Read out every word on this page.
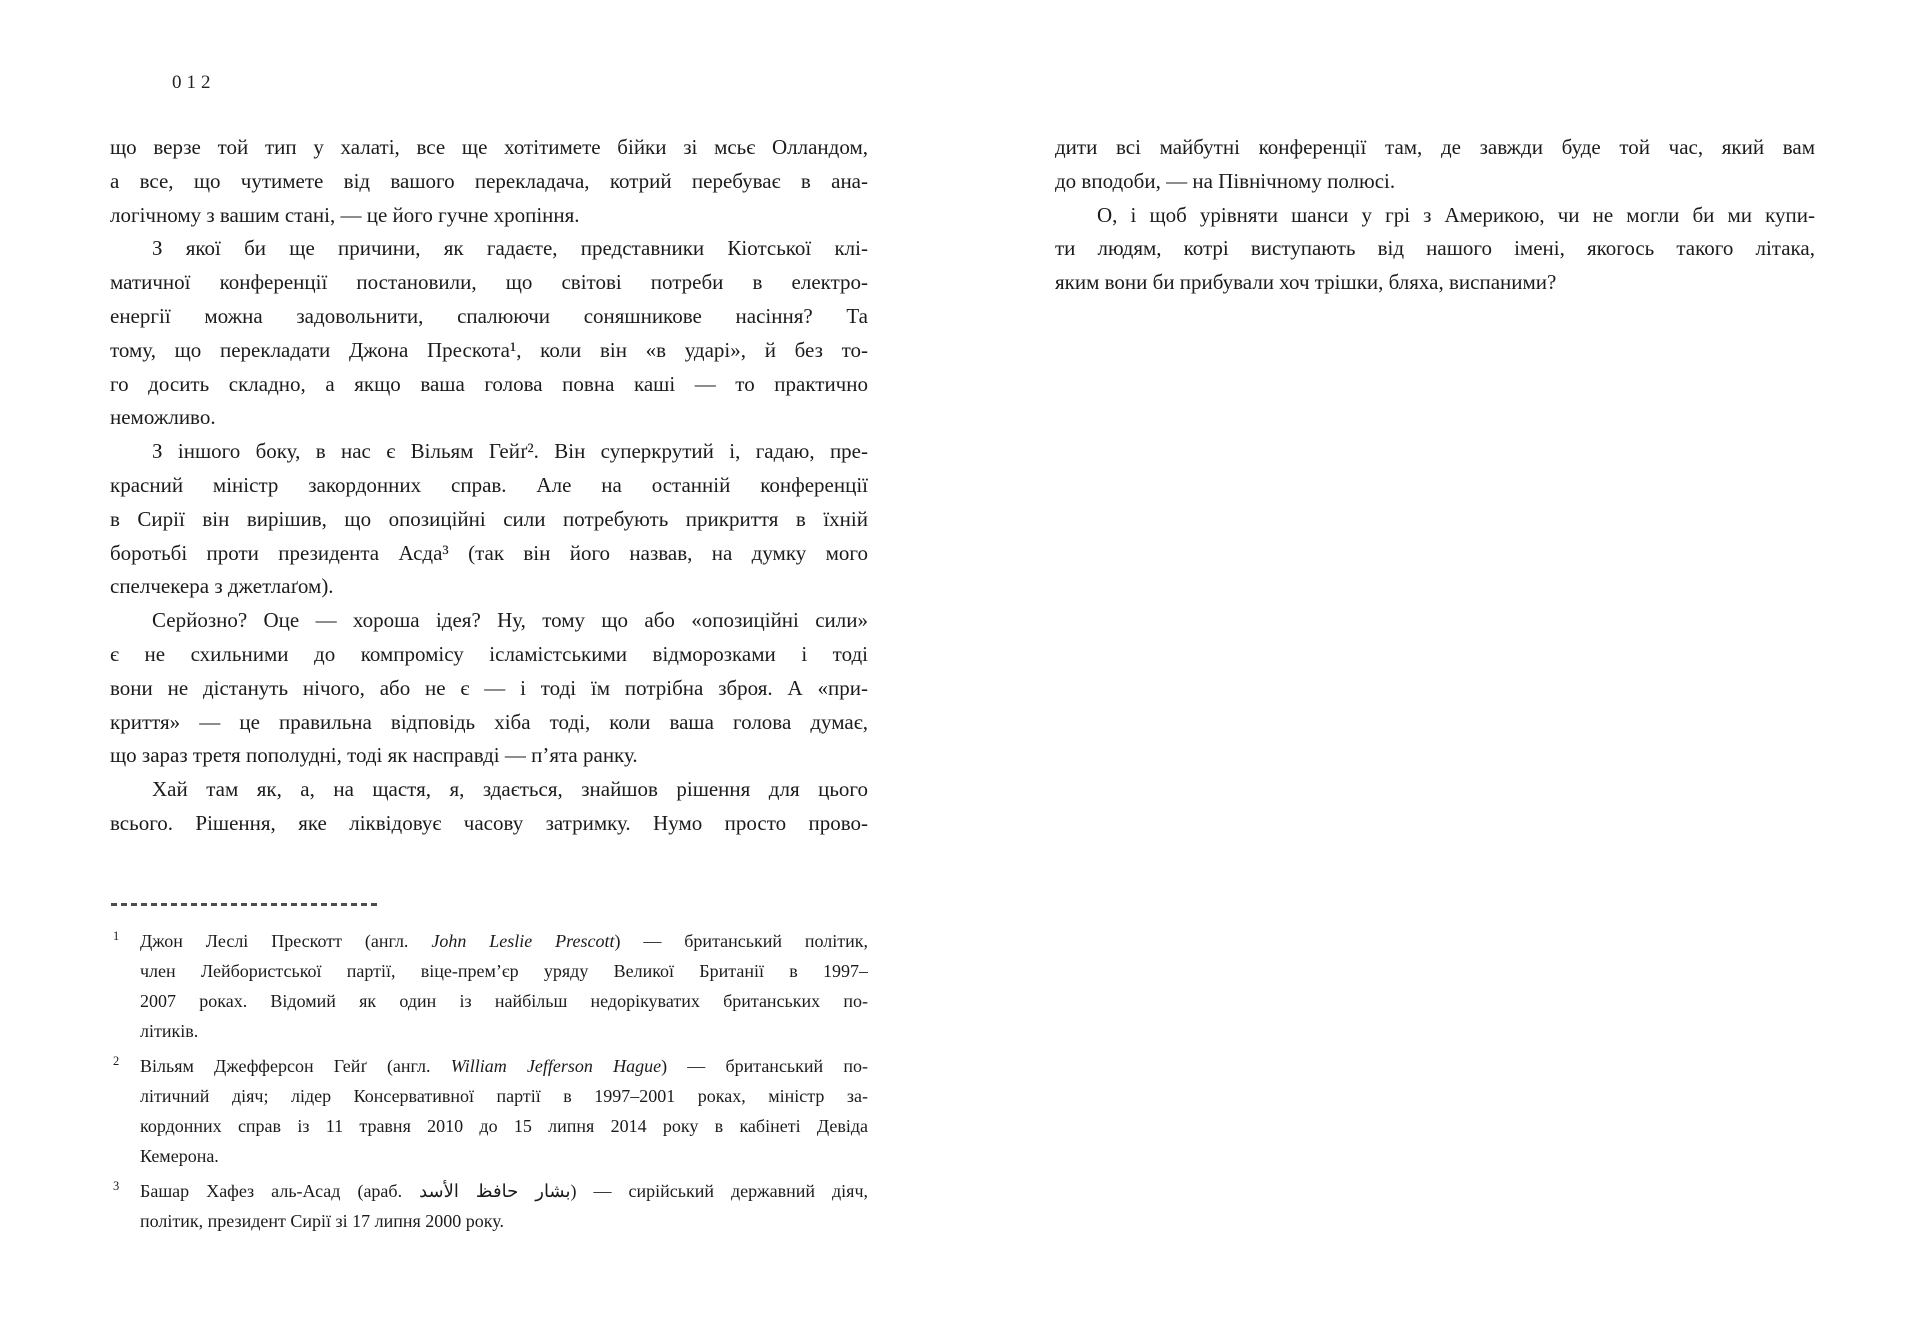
012
що верзе той тип у халаті, все ще хотітимете бійки зі мсьє Олландом,
а все, що чутимете від вашого перекладача, котрий перебуває в ана-
логічному з вашим стані, — це його гучне хропіння.
З якої би ще причини, як гадаєте, представники Кіотської клі-
матичної конференції постановили, що світові потреби в електро-
енергії можна задовольнити, спалюючи соняшникове насіння? Та
тому, що перекладати Джона Прескота¹, коли він «в ударі», й без то-
го досить складно, а якщо ваша голова повна каші — то практично
неможливо.
З іншого боку, в нас є Вільям Гейґ². Він суперкрутий і, гадаю, пре-
красний міністр закордонних справ. Але на останній конференції
в Сирії він вирішив, що опозиційні сили потребують прикриття в їхній
боротьбі проти президента Асда³ (так він його назвав, на думку мого
спелчекера з джетлаґом).
Серйозно? Оце — хороша ідея? Ну, тому що або «опозиційні сили»
є не схильними до компромісу ісламістськими відморозками і тоді
вони не дістануть нічого, або не є — і тоді їм потрібна зброя. А «при-
криття» — це правильна відповідь хіба тоді, коли ваша голова думає,
що зараз третя пополудні, тоді як насправді — п’ята ранку.
Хай там як, а, на щастя, я, здається, знайшов рішення для цього
всього. Рішення, яке ліквідовує часову затримку. Нумо просто прово-
1 Джон Леслі Прескотт (англ. John Leslie Prescott) — британський політик,
член Лейбористської партії, віце-прем’єр уряду Великої Британії в 1997–
2007 роках. Відомий як один із найбільш недорікуватих британських по-
літиків.
2 Вільям Джефферсон Гейґ (англ. William Jefferson Hague) — британський по-
літичний діяч; лідер Консервативної партії в 1997–2001 роках, міністр за-
кордонних справ із 11 травня 2010 до 15 липня 2014 року в кабінеті Девіда
Кемерона.
3 Башар Хафез аль-Асад (араб. بشار حافظ الأسد) — сирійський державний діяч,
політик, президент Сирії зі 17 липня 2000 року.
дити всі майбутні конференції там, де завжди буде той час, який вам
до вподоби, — на Північному полюсі.
О, і щоб урівняти шанси у грі з Америкою, чи не могли би ми купи-
ти людям, котрі виступають від нашого імені, якогось такого літака,
яким вони би прибували хоч трішки, бляха, виспаними?
